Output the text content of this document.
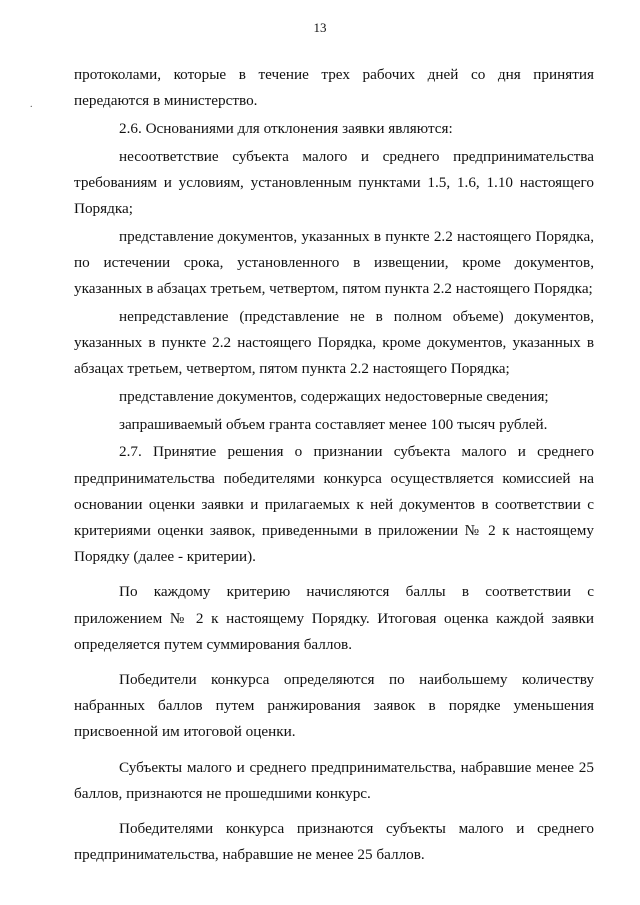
13
.

протоколами, которые в течение трех рабочих дней со дня принятия передаются в министерство.

2.6. Основаниями для отклонения заявки являются:

несоответствие субъекта малого и среднего предпринимательства требованиям и условиям, установленным пунктами 1.5, 1.6, 1.10 настоящего Порядка;

представление документов, указанных в пункте 2.2 настоящего Порядка, по истечении срока, установленного в извещении, кроме документов, указанных в абзацах третьем, четвертом, пятом пункта 2.2 настоящего Порядка;

непредставление (представление не в полном объеме) документов, указанных в пункте 2.2 настоящего Порядка, кроме документов, указанных в абзацах третьем, четвертом, пятом пункта 2.2 настоящего Порядка;

представление документов, содержащих недостоверные сведения;

запрашиваемый объем гранта составляет менее 100 тысяч рублей.

2.7. Принятие решения о признании субъекта малого и среднего предпринимательства победителями конкурса осуществляется комиссией на основании оценки заявки и прилагаемых к ней документов в соответствии с критериями оценки заявок, приведенными в приложении № 2 к настоящему Порядку (далее - критерии).

По каждому критерию начисляются баллы в соответствии с приложением № 2 к настоящему Порядку. Итоговая оценка каждой заявки определяется путем суммирования баллов.

Победители конкурса определяются по наибольшему количеству набранных баллов путем ранжирования заявок в порядке уменьшения присвоенной им итоговой оценки.

Субъекты малого и среднего предпринимательства, набравшие менее 25 баллов, признаются не прошедшими конкурс.

Победителями конкурса признаются субъекты малого и среднего предпринимательства, набравшие не менее 25 баллов.
